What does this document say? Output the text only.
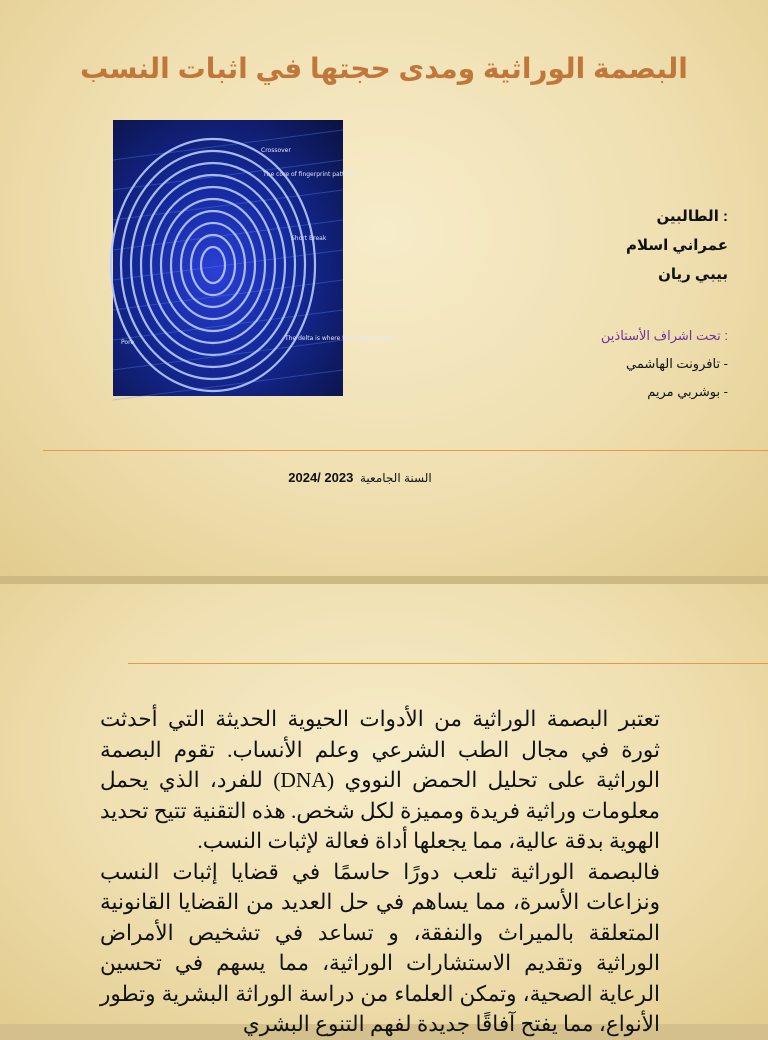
البصمة الوراثية ومدى حجتها في اثبات النسب
Crossover
The core of fingerprint pattern
Short Break
The delta is where the ridges divide
Pore
: الطالبين
عمراني اسلام
بيبي ريان
: تحت اشراف الأستاذين
- تافرونت الهاشمي
- بوشربي مريم
السنة الجامعية  2023 /2024

تعتبر البصمة الوراثية من الأدوات الحيوية الحديثة التي أحدثت ثورة في مجال الطب الشرعي وعلم الأنساب. تقوم البصمة الوراثية على تحليل الحمض النووي (DNA) للفرد، الذي يحمل معلومات وراثية فريدة ومميزة لكل شخص. هذه التقنية تتيح تحديد الهوية بدقة عالية، مما يجعلها أداة فعالة لإثبات النسب.

فالبصمة الوراثية تلعب دورًا حاسمًا في قضايا إثبات النسب ونزاعات الأسرة، مما يساهم في حل العديد من القضايا القانونية المتعلقة بالميراث والنفقة، و تساعد في تشخيص الأمراض الوراثية وتقديم الاستشارات الوراثية، مما يسهم في تحسين الرعاية الصحية، وتمكن العلماء من دراسة الوراثة البشرية وتطور الأنواع، مما يفتح آفاقًا جديدة لفهم التنوع البشري
